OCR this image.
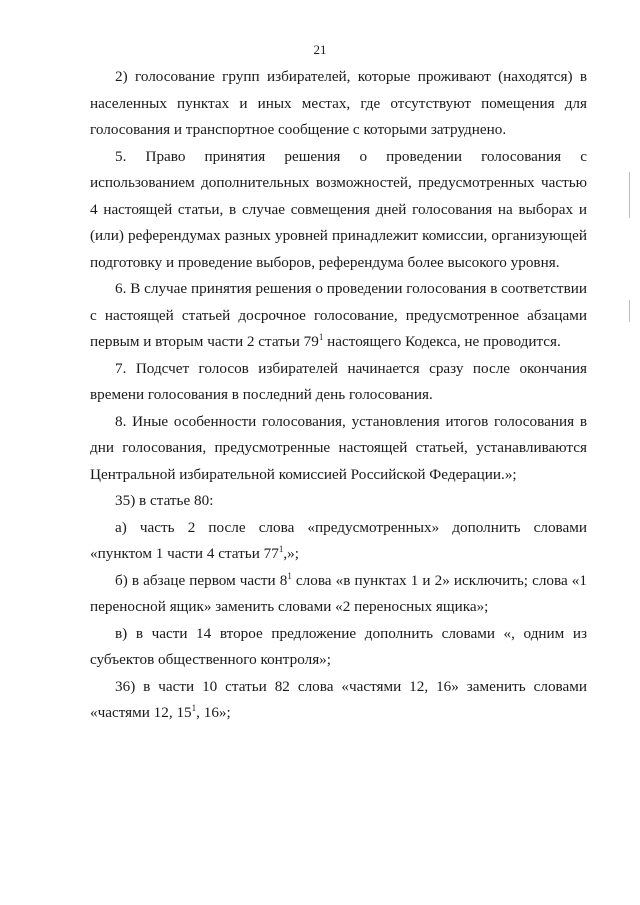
21

2) голосование групп избирателей, которые проживают (находятся) в населенных пунктах и иных местах, где отсутствуют помещения для голосования и транспортное сообщение с которыми затруднено.

5. Право принятия решения о проведении голосования с использованием дополнительных возможностей, предусмотренных частью 4 настоящей статьи, в случае совмещения дней голосования на выборах и (или) референдумах разных уровней принадлежит комиссии, организующей подготовку и проведение выборов, референдума более высокого уровня.

6. В случае принятия решения о проведении голосования в соответствии с настоящей статьей досрочное голосование, предусмотренное абзацами первым и вторым части 2 статьи $79^1$ настоящего Кодекса, не проводится.

7. Подсчет голосов избирателей начинается сразу после окончания времени голосования в последний день голосования.

8. Иные особенности голосования, установления итогов голосования в дни голосования, предусмотренные настоящей статьей, устанавливаются Центральной избирательной комиссией Российской Федерации.»;

35) в статье 80:

а) часть 2 после слова «предусмотренных» дополнить словами «пунктом 1 части 4 статьи $77^1$,»;

б) в абзаце первом части $8^1$ слова «в пунктах 1 и 2» исключить; слова «1 переносной ящик» заменить словами «2 переносных ящика»;

в) в части 14 второе предложение дополнить словами «, одним из субъектов общественного контроля»;

36) в части 10 статьи 82 слова «частями 12, 16» заменить словами «частями 12, $15^1$, 16»;
